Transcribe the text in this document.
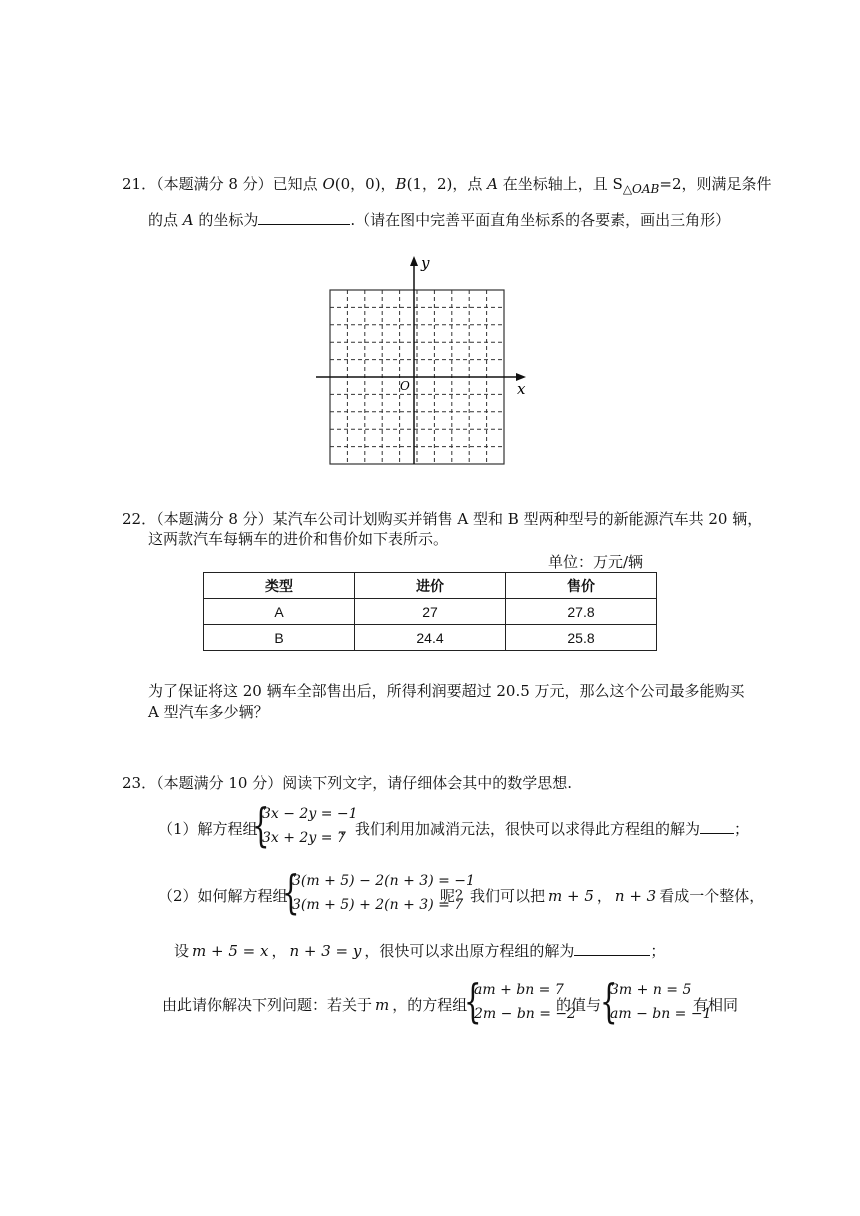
21．（本题满分 8 分）已知点 O(0，0)，B(1，2)，点 A 在坐标轴上，且 $S_{\triangle OAB}=2$，则满足条件
的点 A 的坐标为	.（请在图中完善平面直角坐标系的各要素，画出三角形）
x
y
O
22．（本题满分 8 分）某汽车公司计划购买并销售 A 型和 B 型两种型号的新能源汽车共 20 辆，
这两款汽车每辆车的进价和售价如下表所示。
单位：万元/辆
类型	进价	售价
A	27	27.8
B	24.4	25.8
为了保证将这 20 辆车全部售出后，所得利润要超过 20.5 万元，那么这个公司最多能购买
A 型汽车多少辆？
23．（本题满分 10 分）阅读下列文字，请仔细体会其中的数学思想.
（1）解方程组
{
3x − 2y = −1
3x + 2y = 7
，我们利用加减消元法，很快可以求得此方程组的解为 ；
（2）如何解方程组
{
3(m + 5) − 2(n + 3) = −1
3(m + 5) + 2(n + 3) = 7
呢？我们可以把 m + 5 ， n + 3 看成一个整体，
设 m + 5 = x ， n + 3 = y ，很快可以求出原方程组的解为	；
由此请你解决下列问题：若关于 m ，的方程组
{
am + bn = 7
2m − bn = −2
的值与
{
3m + n = 5
am − bn = −1
有相同
